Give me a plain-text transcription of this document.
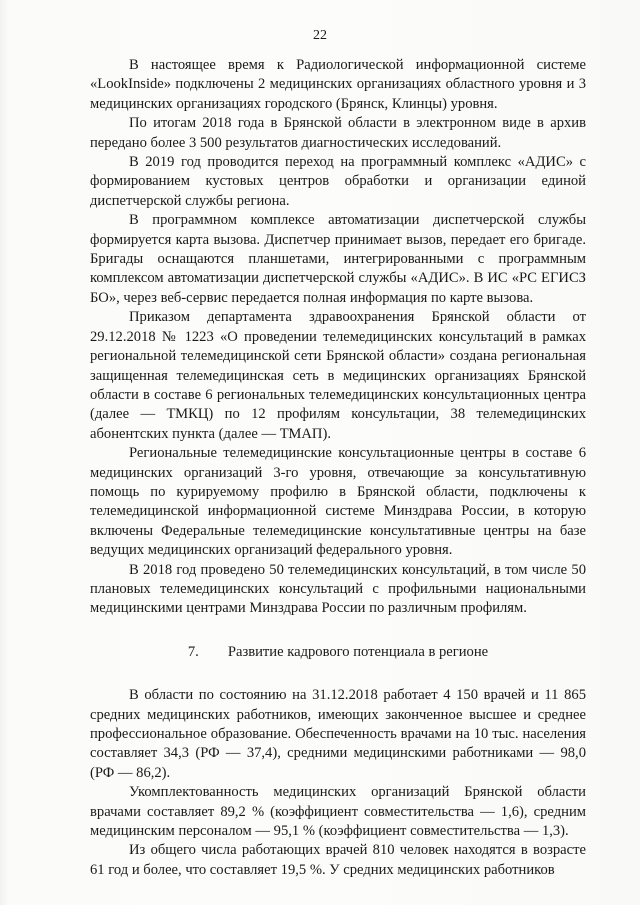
22

В настоящее время к Радиологической информационной системе «LookInside» подключены 2 медицинских организациях областного уровня и 3 медицинских организациях городского (Брянск, Клинцы) уровня.

По итогам 2018 года в Брянской области в электронном виде в архив передано более 3 500 результатов диагностических исследований.

В 2019 год проводится переход на программный комплекс «АДИС» с формированием кустовых центров обработки и организации единой диспетчерской службы региона.

В программном комплексе автоматизации диспетчерской службы формируется карта вызова. Диспетчер принимает вызов, передает его бригаде. Бригады оснащаются планшетами, интегрированными с программным комплексом автоматизации диспетчерской службы «АДИС». В ИС «РС ЕГИСЗ БО», через веб-сервис передается полная информация по карте вызова.

Приказом департамента здравоохранения Брянской области от 29.12.2018 № 1223 «О проведении телемедицинских консультаций в рамках региональной телемедицинской сети Брянской области» создана региональная защищенная телемедицинская сеть в медицинских организациях Брянской области в составе 6 региональных телемедицинских консультационных центра (далее — ТМКЦ) по 12 профилям консультации, 38 телемедицинских абонентских пункта (далее — ТМАП).

Региональные телемедицинские консультационные центры в составе 6 медицинских организаций 3-го уровня, отвечающие за консультативную помощь по курируемому профилю в Брянской области, подключены к телемедицинской информационной системе Минздрава России, в которую включены Федеральные телемедицинские консультативные центры на базе ведущих медицинских организаций федерального уровня.

В 2018 год проведено 50 телемедицинских консультаций, в том числе 50 плановых телемедицинских консультаций с профильными национальными медицинскими центрами Минздрава России по различным профилям.

7. Развитие кадрового потенциала в регионе

В области по состоянию на 31.12.2018 работает 4 150 врачей и 11 865 средних медицинских работников, имеющих законченное высшее и среднее профессиональное образование. Обеспеченность врачами на 10 тыс. населения составляет 34,3 (РФ — 37,4), средними медицинскими работниками — 98,0 (РФ — 86,2).

Укомплектованность медицинских организаций Брянской области врачами составляет 89,2 % (коэффициент совместительства — 1,6), средним медицинским персоналом — 95,1 % (коэффициент совместительства — 1,3).

Из общего числа работающих врачей 810 человек находятся в возрасте 61 год и более, что составляет 19,5 %. У средних медицинских работников
